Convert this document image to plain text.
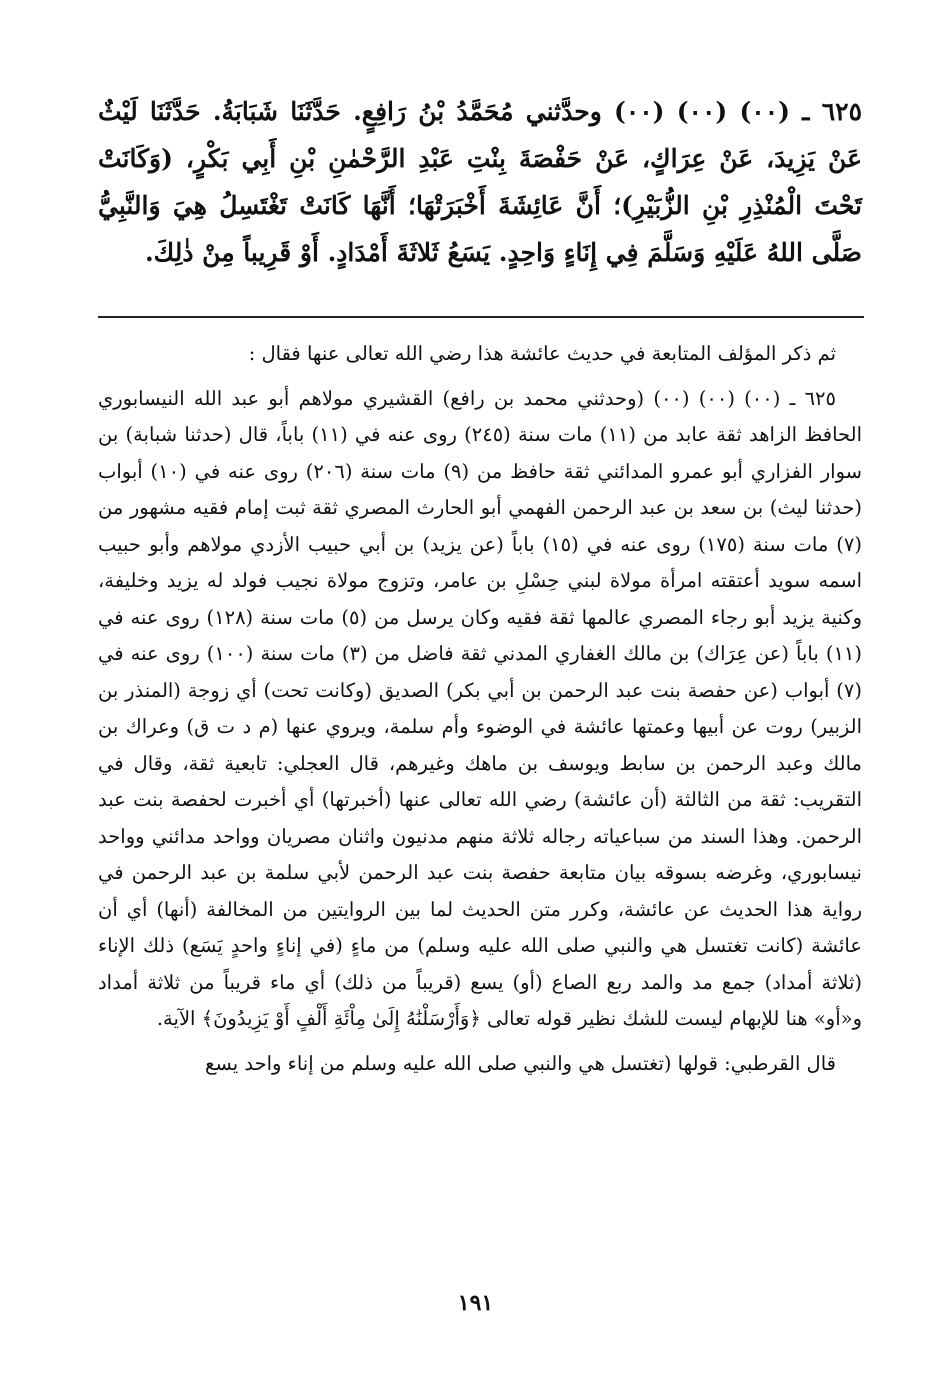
٦٢٥ ـ (٠٠) (٠٠) (٠٠) وحدَّثني مُحَمَّدُ بْنُ رَافِعٍ. حَدَّثَنَا شَبَابَةُ. حَدَّثَنَا لَيْثٌ عَنْ يَزِيدَ، عَنْ عِرَاكٍ، عَنْ حَفْصَةَ بِنْتِ عَبْدِ الرَّحْمٰنِ بْنِ أَبِي بَكْرٍ، (وَكَانَتْ تَحْتَ الْمُنْذِرِ بْنِ الزُّبَيْرِ)؛ أَنَّ عَائِشَةَ أَخْبَرَتْهَا؛ أَنَّهَا كَانَتْ تَغْتَسِلُ هِيَ وَالنَّبِيُّ صَلَّى اللهُ عَلَيْهِ وَسَلَّمَ فِي إِنَاءٍ وَاحِدٍ. يَسَعُ ثَلاثَةَ أَمْدَادٍ. أَوْ قَرِيباً مِنْ ذٰلِكَ.

ثم ذكر المؤلف المتابعة في حديث عائشة هذا رضي الله تعالى عنها فقال :

٦٢٥ ـ (٠٠) (٠٠) (٠٠) (وحدثني محمد بن رافع) القشيري مولاهم أبو عبد الله النيسابوري الحافظ الزاهد ثقة عابد من (١١) مات سنة (٢٤٥) روى عنه في (١١) باباً، قال (حدثنا شبابة) بن سوار الفزاري أبو عمرو المدائني ثقة حافظ من (٩) مات سنة (٢٠٦) روى عنه في (١٠) أبواب (حدثنا ليث) بن سعد بن عبد الرحمن الفهمي أبو الحارث المصري ثقة ثبت إمام فقيه مشهور من (٧) مات سنة (١٧٥) روى عنه في (١٥) باباً (عن يزيد) بن أبي حبيب الأزدي مولاهم وأبو حبيب اسمه سويد أعتقته امرأة مولاة لبني حِسْلِ بن عامر، وتزوج مولاة نجيب فولد له يزيد وخليفة، وكنية يزيد أبو رجاء المصري عالمها ثقة فقيه وكان يرسل من (٥) مات سنة (١٢٨) روى عنه في (١١) باباً (عن عِرَاك) بن مالك الغفاري المدني ثقة فاضل من (٣) مات سنة (١٠٠) روى عنه في (٧) أبواب (عن حفصة بنت عبد الرحمن بن أبي بكر) الصديق (وكانت تحت) أي زوجة (المنذر بن الزبير) روت عن أبيها وعمتها عائشة في الوضوء وأم سلمة، ويروي عنها (م د ت ق) وعراك بن مالك وعبد الرحمن بن سابط ويوسف بن ماهك وغيرهم، قال العجلي: تابعية ثقة، وقال في التقريب: ثقة من الثالثة (أن عائشة) رضي الله تعالى عنها (أخبرتها) أي أخبرت لحفصة بنت عبد الرحمن. وهذا السند من سباعياته رجاله ثلاثة منهم مدنيون واثنان مصريان وواحد مدائني وواحد نيسابوري، وغرضه بسوقه بيان متابعة حفصة بنت عبد الرحمن لأبي سلمة بن عبد الرحمن في رواية هذا الحديث عن عائشة، وكرر متن الحديث لما بين الروايتين من المخالفة (أنها) أي أن عائشة (كانت تغتسل هي والنبي صلى الله عليه وسلم) من ماءٍ (في إناءٍ واحدٍ يَسَع) ذلك الإناء (ثلاثة أمداد) جمع مد والمد ربع الصاع (أو) يسع (قريباً من ذلك) أي ماء قريباً من ثلاثة أمداد و«أو» هنا للإبهام ليست للشك نظير قوله تعالى ﴿وَأَرْسَلْنَٰهُ إِلَىٰ مِاْئَةِ أَلْفٍ أَوْ يَزِيدُونَ﴾ الآية.

قال القرطبي: قولها (تغتسل هي والنبي صلى الله عليه وسلم من إناء واحد يسع

١٩١
